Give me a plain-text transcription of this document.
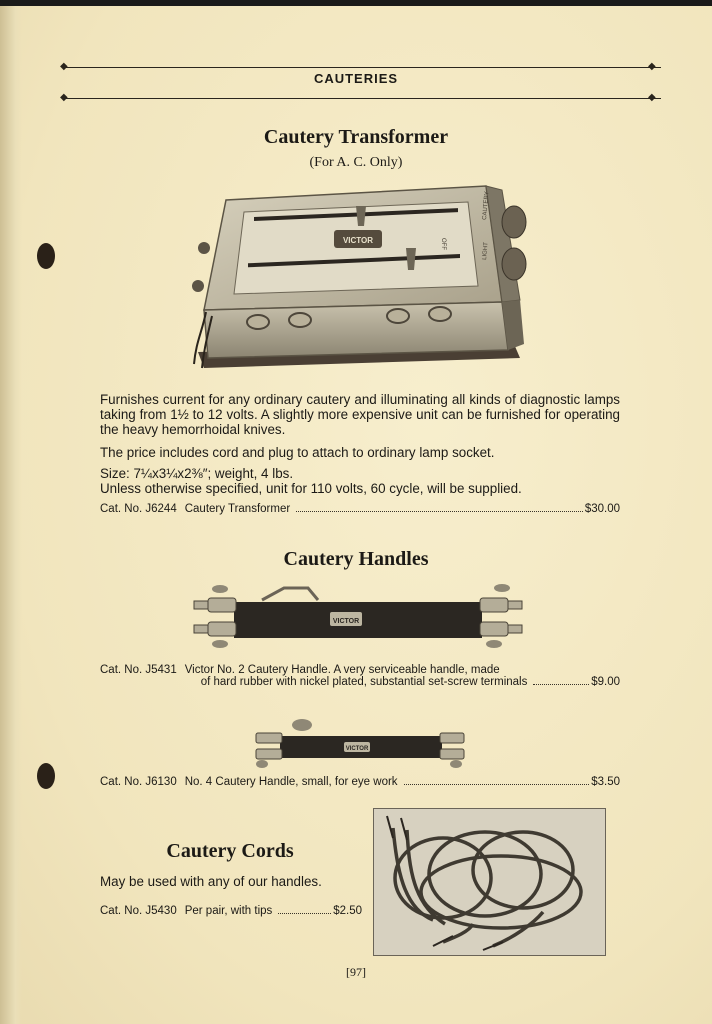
◆	◆
◆	◆
CAUTERIES
Cautery Transformer
(For A. C. Only)
VICTOR	OFF	LIGHT
CAUTERY
Furnishes current for any ordinary cautery and illuminating all kinds of diagnostic lamps taking from 1½ to 12 volts. A slightly more expensive unit can be furnished for operating the heavy hemorrhoidal knives.
The price includes cord and plug to attach to ordinary lamp socket.
Size: 7¼x3¼x2⅜″; weight, 4 lbs.
Unless otherwise specified, unit for 110 volts, 60 cycle, will be supplied.
Cat. No. J6244 Cautery Transformer	$30.00
Cautery Handles
VICTOR
Cat. No. J5431 Victor No. 2 Cautery Handle. A very serviceable handle, made
of hard rubber with nickel plated, substantial set-screw terminals	$9.00
VICTOR
Cat. No. J6130 No. 4 Cautery Handle, small, for eye work	$3.50
Cautery Cords
May be used with any of our handles.
Cat. No. J5430 Per pair, with tips	$2.50
[97]
